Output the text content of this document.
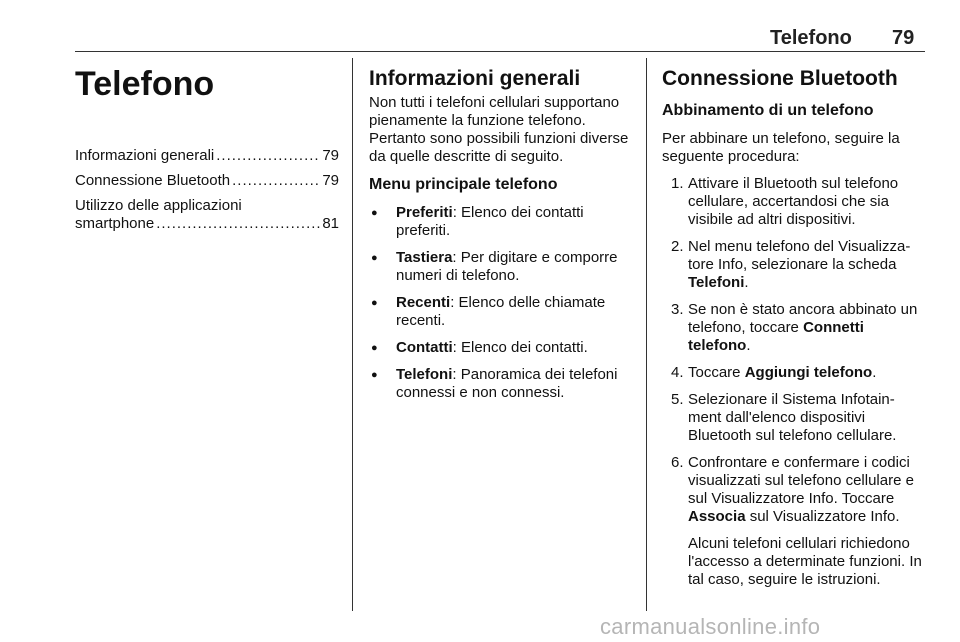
Telefono 79
Telefono
Informazioni generali .....	79
Connessione Bluetooth .....	79
Utilizzo delle applicazioni
smartphone .....	81
Informazioni generali

Non tutti i telefoni cellulari supportano pienamente la funzione telefono.

Pertanto sono possibili funzioni diverse da quelle descritte di seguito.

Menu principale telefono
● Preferiti: Elenco dei contatti preferiti.
● Tastiera: Per digitare e comporre numeri di telefono.
● Recenti: Elenco delle chiamate recenti.
● Contatti: Elenco dei contatti.
● Telefoni: Panoramica dei telefoni connessi e non connessi.
Connessione Bluetooth
Abbinamento di un telefono

Per abbinare un telefono, seguire la seguente procedura:

1. Attivare il Bluetooth sul telefono cellulare, accertandosi che sia visibile ad altri dispositivi.
2. Nel menu telefono del Visualizza-tore Info, selezionare la scheda Telefoni.
3. Se non è stato ancora abbinato un telefono, toccare Connetti telefono.
4. Toccare Aggiungi telefono.
5. Selezionare il Sistema Infotain-ment dall'elenco dispositivi Bluetooth sul telefono cellulare.
6. Confrontare e confermare i codici visualizzati sul telefono cellulare e sul Visualizzatore Info. Toccare Associa sul Visualizzatore Info.

Alcuni telefoni cellulari richiedono l'accesso a determinate funzioni. In tal caso, seguire le istruzioni.

carmanualsonline.info
